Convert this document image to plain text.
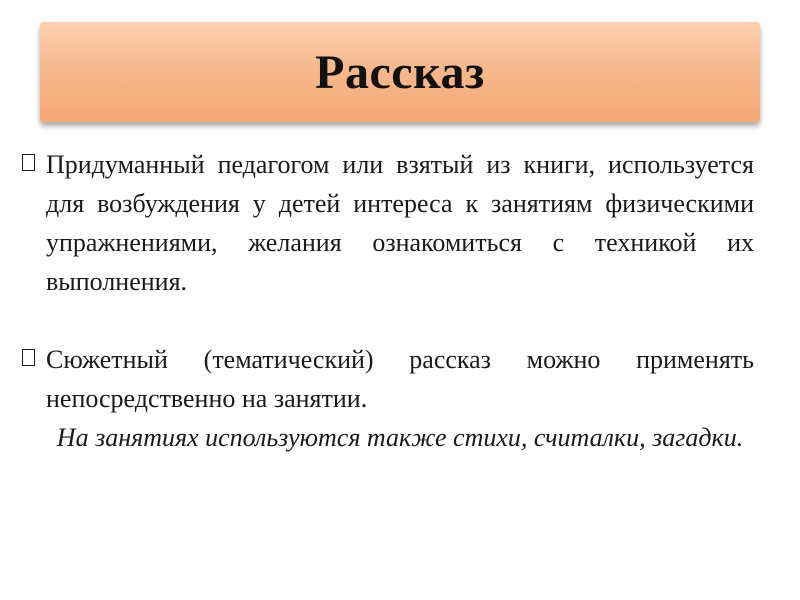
Рассказ
Придуманный педагогом или взятый из книги, используется для возбуждения у детей интереса к занятиям физическими упражнениями, желания ознакомиться с техникой их выполнения.
Сюжетный (тематический) рассказ можно применять непосредственно на занятии.
На занятиях используются также стихи, считалки, загадки.
